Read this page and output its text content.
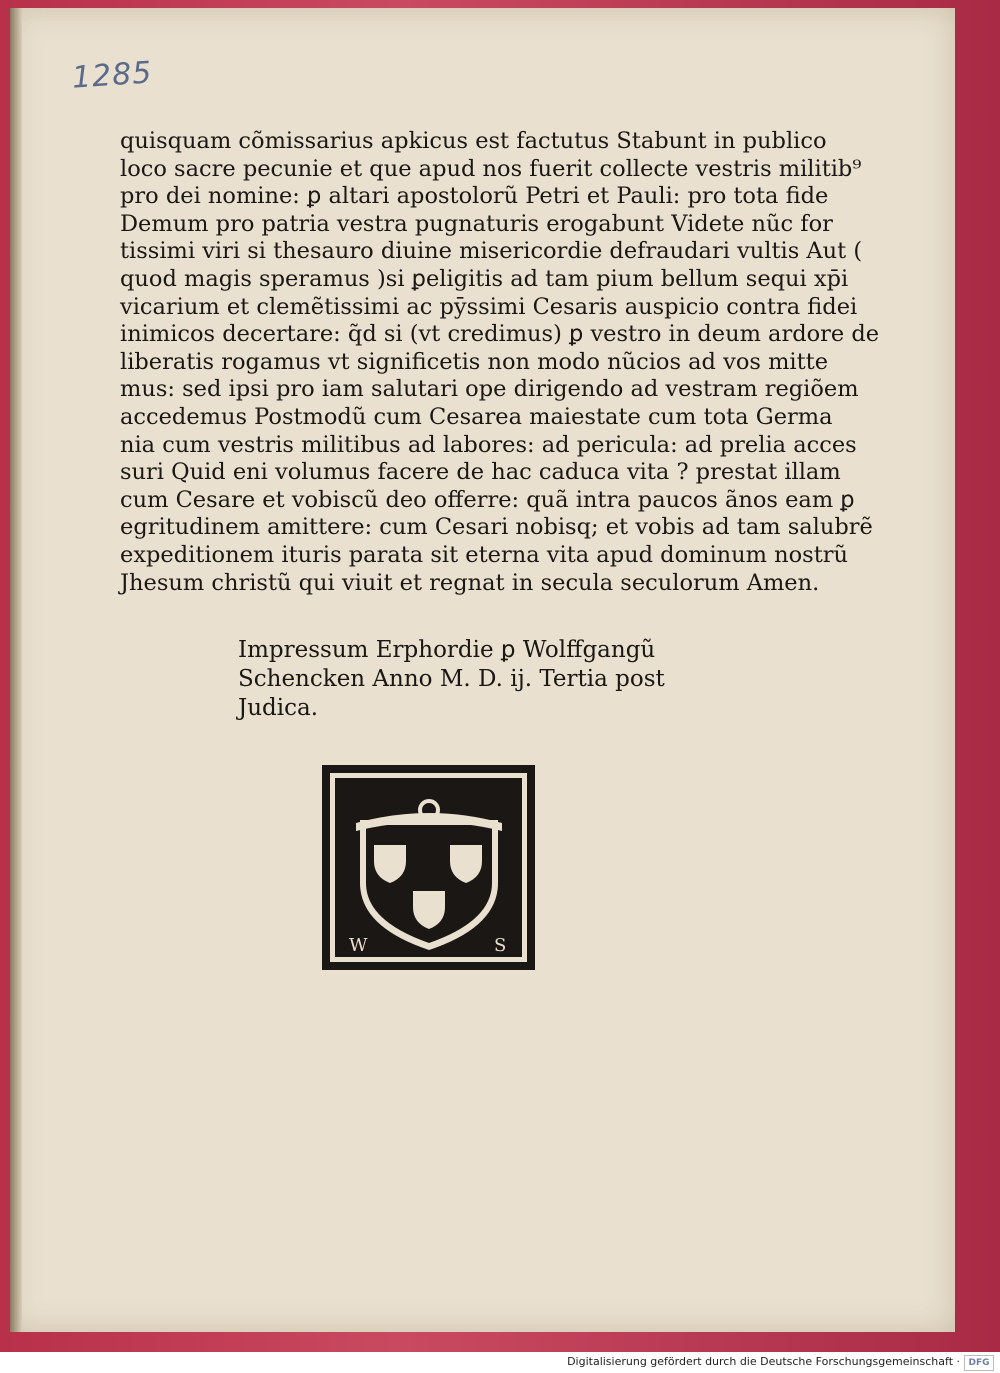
1285
quisquam cõmissarius apkicus est factutus Stabunt in publico
loco sacre pecunie et que apud nos fuerit collecte vestris militib⁹
pro dei nomine: ꝑ altari apostolorũ Petri et Pauli: pro tota fide
Demum pro patria vestra pugnaturis erogabunt Videte nũc for
tissimi viri si thesauro diuine misericordie defraudari vultis Aut (
quod magis speramus )si ꝑeligitis ad tam pium bellum sequi xp̄i
vicarium et clemẽtissimi ac pȳssimi Cesaris auspicio contra fidei
inimicos decertare: q̃d si (vt credimus) ꝑ vestro in deum ardore de
liberatis rogamus vt significetis non modo nũcios ad vos mitte
mus: sed ipsi pro iam salutari ope dirigendo ad vestram regiõem
accedemus Postmodũ cum Cesarea maiestate cum tota Germa
nia cum vestris militibus ad labores: ad pericula: ad prelia acces
suri Quid eni volumus facere de hac caduca vita ? prestat illam
cum Cesare et vobiscũ deo offerre: quã intra paucos ãnos eam ꝑ
egritudinem amittere: cum Cesari nobisq; et vobis ad tam salubrẽ
expeditionem ituris parata sit eterna vita apud dominum nostrũ
Jhesum christũ qui viuit et regnat in secula seculorum Amen.
Impressum Erphordie ꝑ Wolffgangũ
Schencken Anno M. D. ij. Tertia post
Judica.
W	S
Digitalisierung gefördert durch die Deutsche Forschungsgemeinschaft · DFG
